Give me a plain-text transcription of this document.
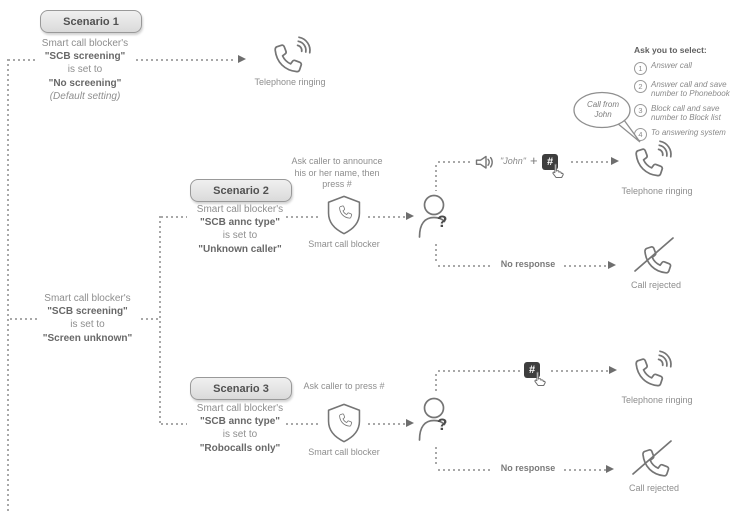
Scenario 1
Smart call blocker's
"SCB screening"
is set to
"No screening"
(Default setting)
Telephone ringing
Ask you to select:
1	Answer call
2	Answer call and save number to Phonebook
3	Block call and save number to Block list
4	To answering system
Call from
John
Scenario 2
Smart call blocker's
"SCB annc type"
is set to
"Unknown caller"
Ask caller to announce his or her name, then press #
Smart call blocker
?
"John" + #
Telephone ringing
No response
Call rejected
Smart call blocker's
"SCB screening"
is set to
"Screen unknown"
Scenario 3
Smart call blocker's
"SCB annc type"
is set to
"Robocalls only"
Ask caller to press #
Smart call blocker
?
#
Telephone ringing
No response
Call rejected
